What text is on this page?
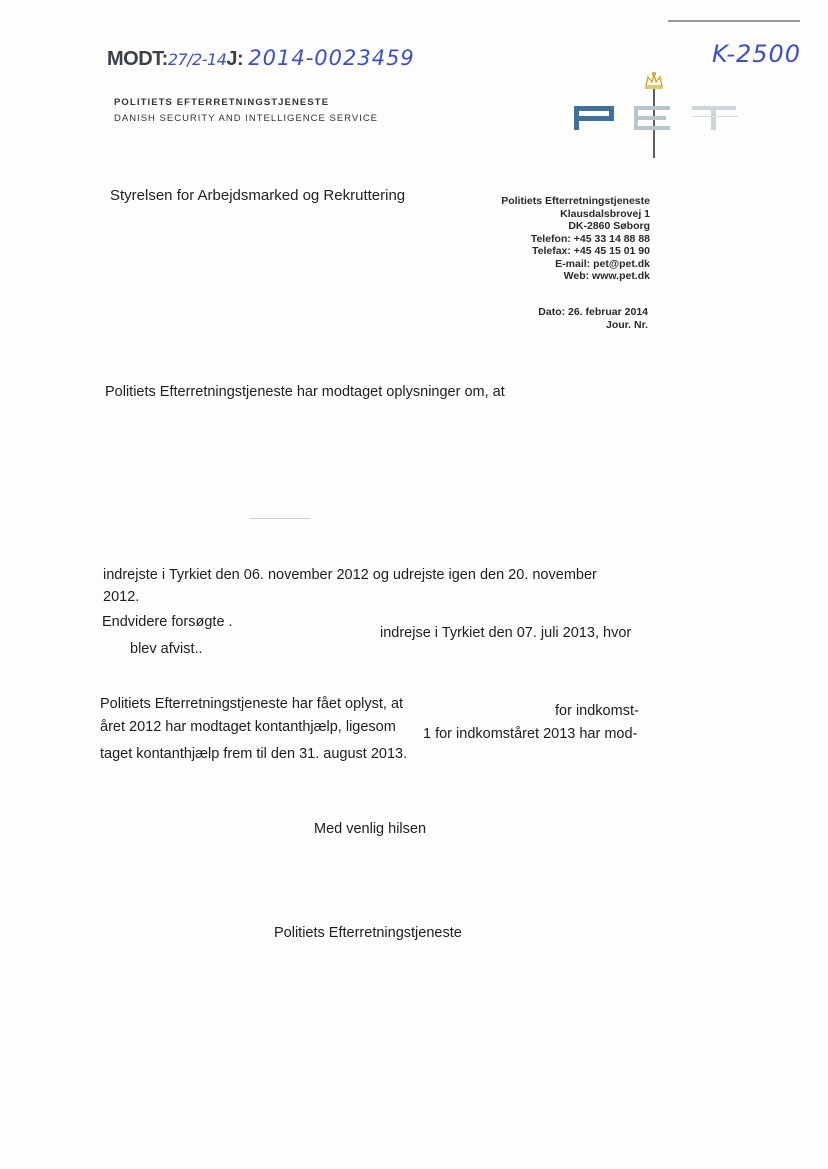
MODT:27/2-14J: 2014-0023459	K-2500
POLITIETS EFTERRETNINGSTJENESTE
DANISH SECURITY AND INTELLIGENCE SERVICE
Styrelsen for Arbejdsmarked og Rekruttering	Politiets Efterretningstjeneste
Klausdalsbrovej 1
DK-2860 Søborg
Telefon: +45 33 14 88 88
Telefax: +45 45 15 01 90
E-mail: pet@pet.dk
Web: www.pet.dk
Dato: 26. februar 2014
Jour. Nr.
Politiets Efterretningstjeneste har modtaget oplysninger om, at
indrejste i Tyrkiet den 06. november 2012 og udrejste igen den 20. november
2012.
Endvidere forsøgte .
indrejse i Tyrkiet den 07. juli 2013, hvor
blev afvist..
Politiets Efterretningstjeneste har fået oplyst, at	for indkomst-
året 2012 har modtaget kontanthjælp, ligesom 1 for indkomståret 2013 har mod-
taget kontanthjælp frem til den 31. august 2013.
Med venlig hilsen
Politiets Efterretningstjeneste
